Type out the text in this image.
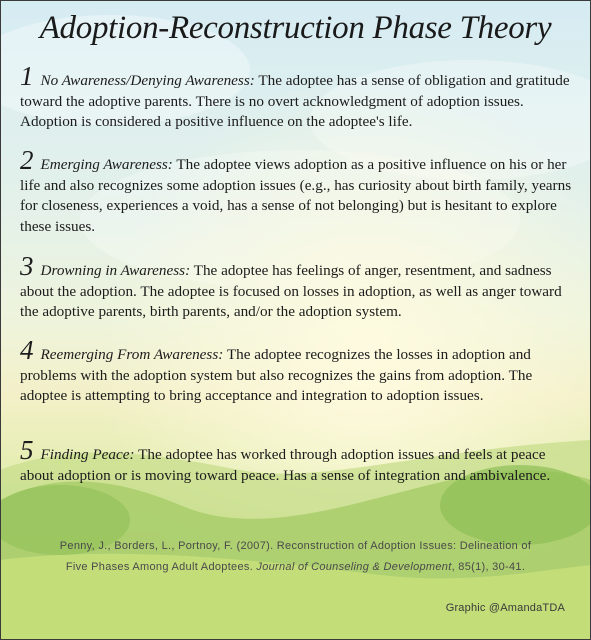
Adoption-Reconstruction Phase Theory

1 No Awareness/Denying Awareness: The adoptee has a sense of obligation and gratitude toward the adoptive parents. There is no overt acknowledgment of adoption issues. Adoption is considered a positive influence on the adoptee's life.

2 Emerging Awareness: The adoptee views adoption as a positive influence on his or her life and also recognizes some adoption issues (e.g., has curiosity about birth family, yearns for closeness, experiences a void, has a sense of not belonging) but is hesitant to explore these issues.

3 Drowning in Awareness: The adoptee has feelings of anger, resentment, and sadness about the adoption. The adoptee is focused on losses in adoption, as well as anger toward the adoptive parents, birth parents, and/or the adoption system.

4 Reemerging From Awareness: The adoptee recognizes the losses in adoption and problems with the adoption system but also recognizes the gains from adoption. The adoptee is attempting to bring acceptance and integration to adoption issues.

5 Finding Peace: The adoptee has worked through adoption issues and feels at peace about adoption or is moving toward peace. Has a sense of integration and ambivalence.

Penny, J., Borders, L., Portnoy, F. (2007). Reconstruction of Adoption Issues: Delineation of
Five Phases Among Adult Adoptees. Journal of Counseling & Development, 85(1), 30-41.
Graphic @AmandaTDA
